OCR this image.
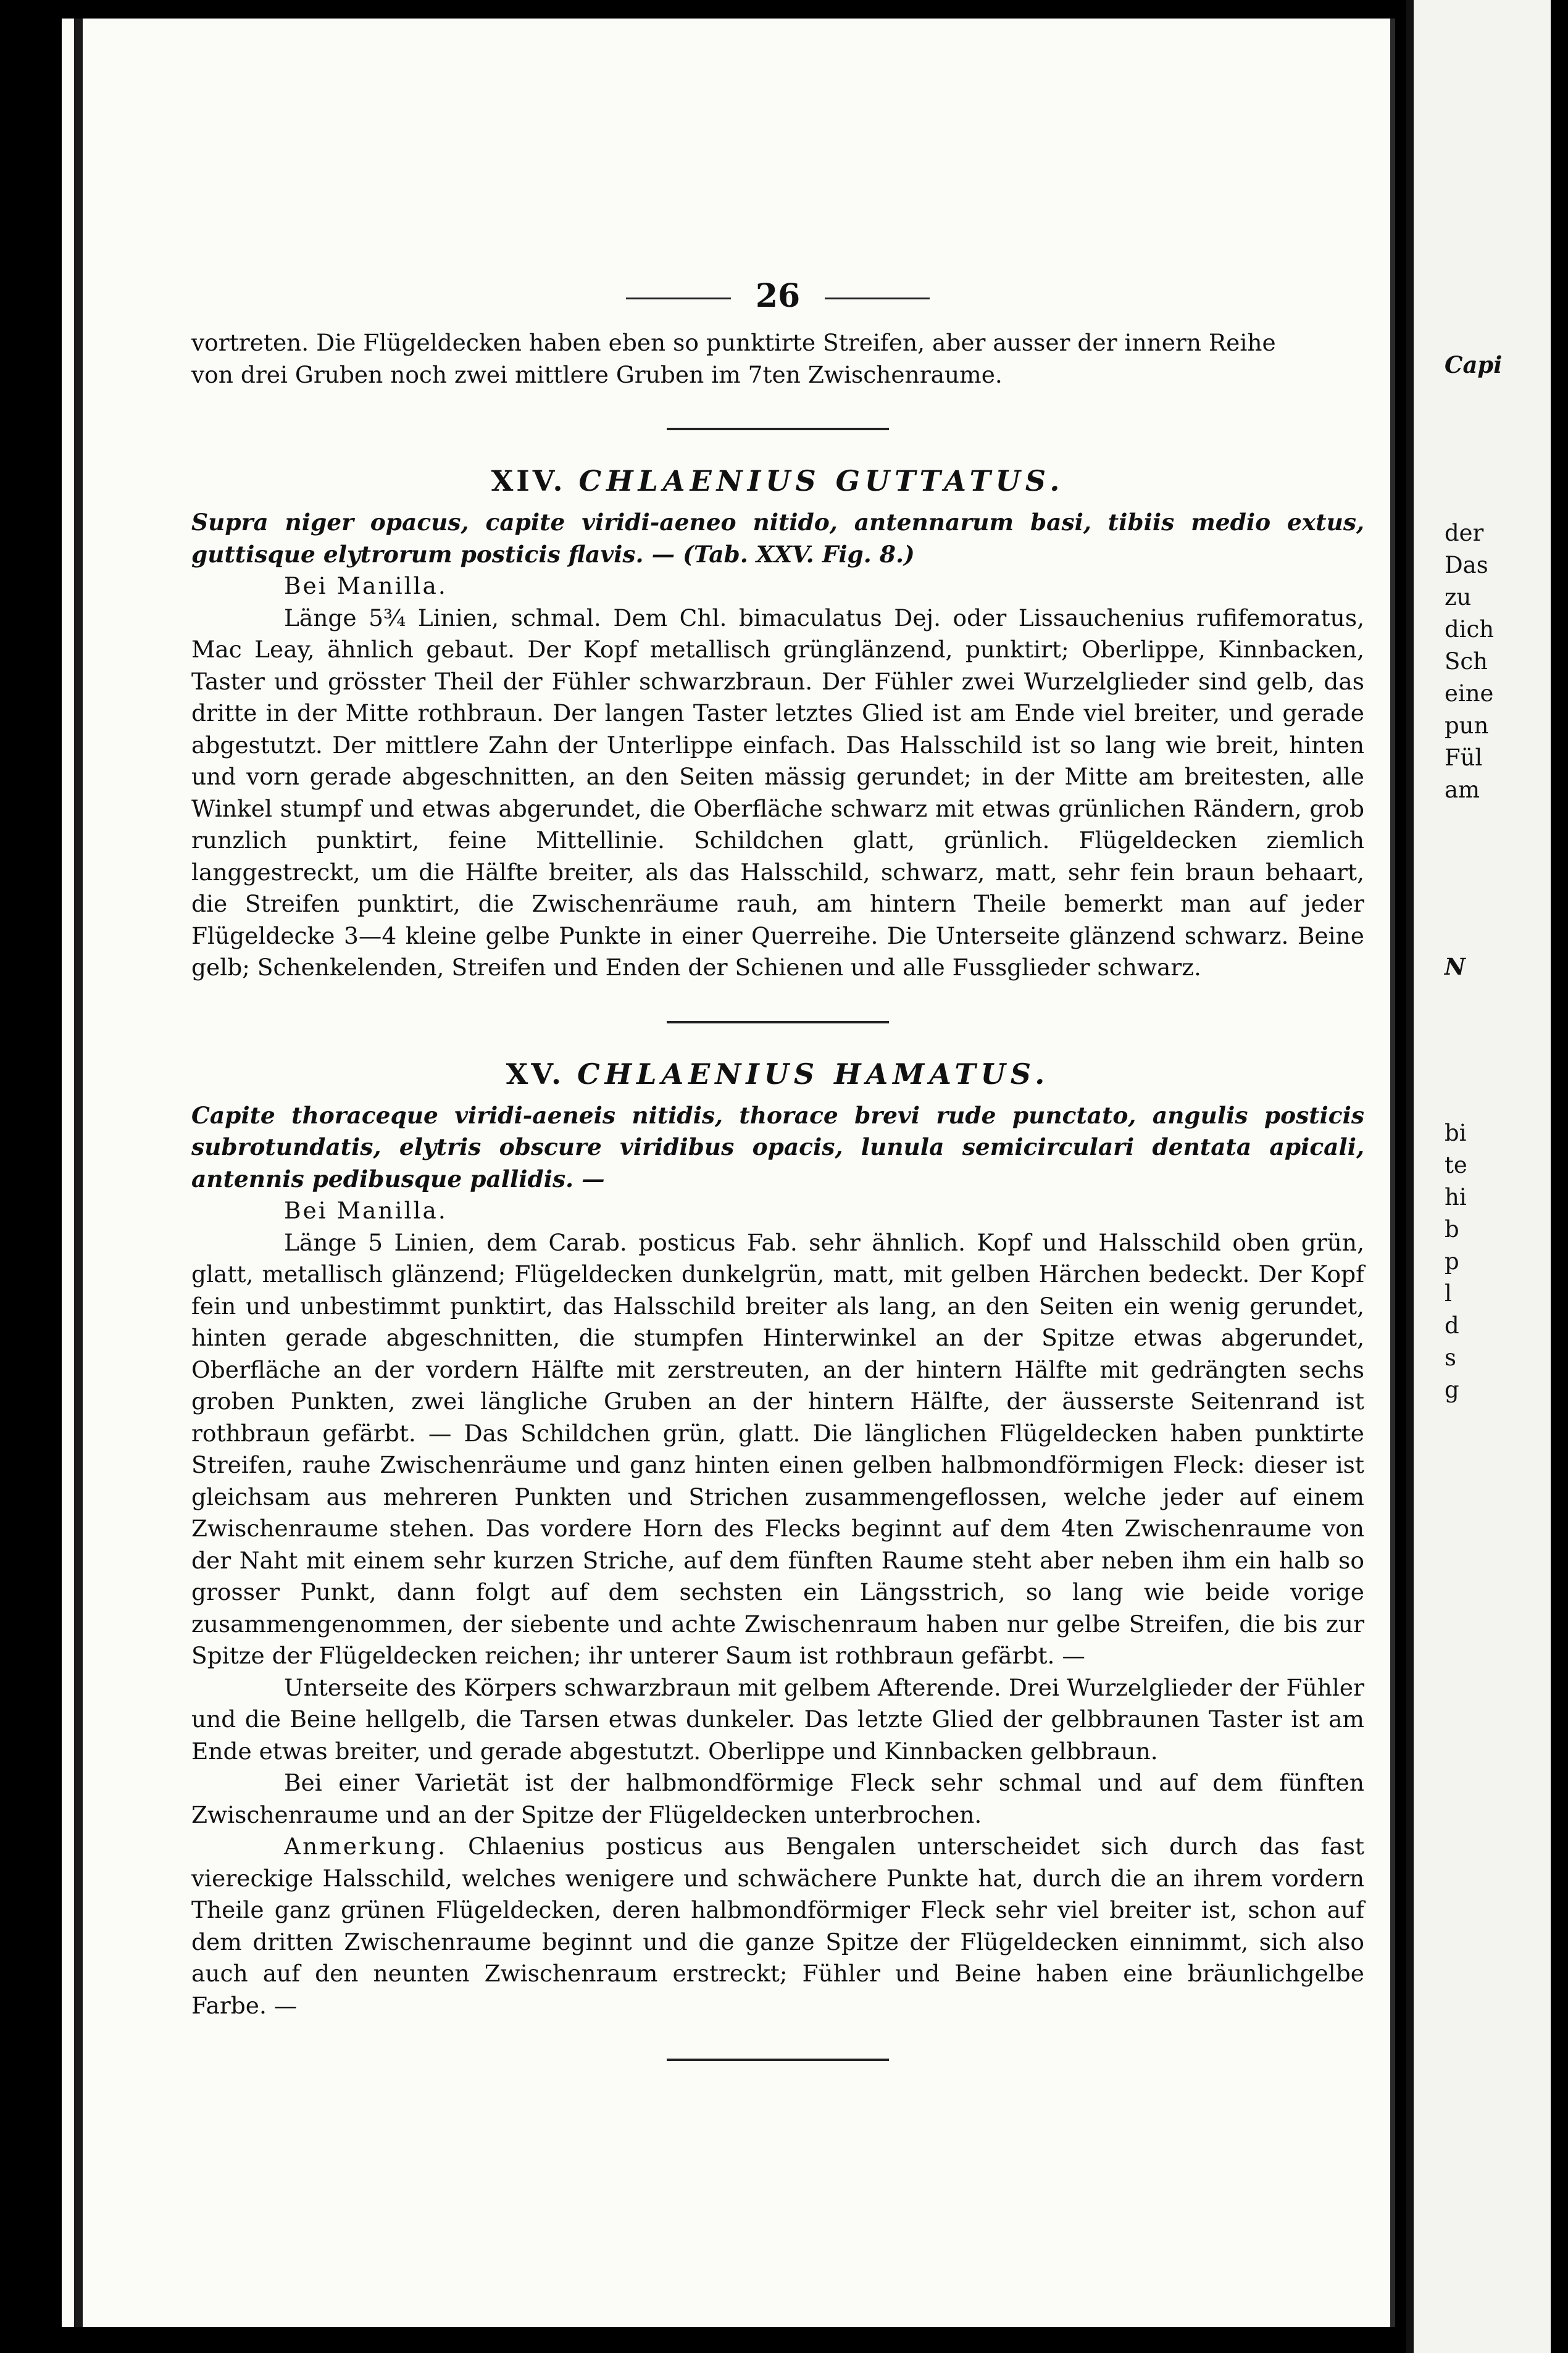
26

vortreten. Die Flügeldecken haben eben so punktirte Streifen, aber ausser der innern Reihe

von drei Gruben noch zwei mittlere Gruben im 7ten Zwischenraume.

XIV. CHLAENIUS GUTTATUS.

Supra niger opacus, capite viridi-aeneo nitido, antennarum basi, tibiis medio extus, guttisque elytrorum posticis flavis. — (Tab. XXV. Fig. 8.)

Bei Manilla.

Länge 5¾ Linien, schmal. Dem Chl. bimaculatus Dej. oder Lissauchenius rufifemoratus, Mac Leay, ähnlich gebaut. Der Kopf metallisch grünglänzend, punktirt; Oberlippe, Kinnbacken, Taster und grösster Theil der Fühler schwarzbraun. Der Fühler zwei Wurzelglieder sind gelb, das dritte in der Mitte rothbraun. Der langen Taster letztes Glied ist am Ende viel breiter, und gerade abgestutzt. Der mittlere Zahn der Unterlippe einfach. Das Halsschild ist so lang wie breit, hinten und vorn gerade abgeschnitten, an den Seiten mässig gerundet; in der Mitte am breitesten, alle Winkel stumpf und etwas abgerundet, die Oberfläche schwarz mit etwas grünlichen Rändern, grob runzlich punktirt, feine Mittellinie. Schildchen glatt, grünlich. Flügeldecken ziemlich langgestreckt, um die Hälfte breiter, als das Halsschild, schwarz, matt, sehr fein braun behaart, die Streifen punktirt, die Zwischenräume rauh, am hintern Theile bemerkt man auf jeder Flügeldecke 3—4 kleine gelbe Punkte in einer Querreihe. Die Unterseite glänzend schwarz. Beine gelb; Schenkelenden, Streifen und Enden der Schienen und alle Fussglieder schwarz.

XV. CHLAENIUS HAMATUS.

Capite thoraceque viridi-aeneis nitidis, thorace brevi rude punctato, angulis posticis subrotundatis, elytris obscure viridibus opacis, lunula semicirculari dentata apicali, antennis pedibusque pallidis. —

Bei Manilla.

Länge 5 Linien, dem Carab. posticus Fab. sehr ähnlich. Kopf und Halsschild oben grün, glatt, metallisch glänzend; Flügeldecken dunkelgrün, matt, mit gelben Härchen bedeckt. Der Kopf fein und unbestimmt punktirt, das Halsschild breiter als lang, an den Seiten ein wenig gerundet, hinten gerade abgeschnitten, die stumpfen Hinterwinkel an der Spitze etwas abgerundet, Oberfläche an der vordern Hälfte mit zerstreuten, an der hintern Hälfte mit gedrängten sechs groben Punkten, zwei längliche Gruben an der hintern Hälfte, der äusserste Seitenrand ist rothbraun gefärbt. — Das Schildchen grün, glatt. Die länglichen Flügeldecken haben punktirte Streifen, rauhe Zwischenräume und ganz hinten einen gelben halbmondförmigen Fleck: dieser ist gleichsam aus mehreren Punkten und Strichen zusammengeflossen, welche jeder auf einem Zwischenraume stehen. Das vordere Horn des Flecks beginnt auf dem 4ten Zwischenraume von der Naht mit einem sehr kurzen Striche, auf dem fünften Raume steht aber neben ihm ein halb so grosser Punkt, dann folgt auf dem sechsten ein Längsstrich, so lang wie beide vorige zusammengenommen, der siebente und achte Zwischenraum haben nur gelbe Streifen, die bis zur Spitze der Flügeldecken reichen; ihr unterer Saum ist rothbraun gefärbt. —

Unterseite des Körpers schwarzbraun mit gelbem Afterende. Drei Wurzelglieder der Fühler und die Beine hellgelb, die Tarsen etwas dunkeler. Das letzte Glied der gelbbraunen Taster ist am Ende etwas breiter, und gerade abgestutzt. Oberlippe und Kinnbacken gelbbraun.

Bei einer Varietät ist der halbmondförmige Fleck sehr schmal und auf dem fünften Zwischenraume und an der Spitze der Flügeldecken unterbrochen.

Anmerkung. Chlaenius posticus aus Bengalen unterscheidet sich durch das fast viereckige Halsschild, welches wenigere und schwächere Punkte hat, durch die an ihrem vordern Theile ganz grünen Flügeldecken, deren halbmondförmiger Fleck sehr viel breiter ist, schon auf dem dritten Zwischenraume beginnt und die ganze Spitze der Flügeldecken einnimmt, sich also auch auf den neunten Zwischenraum erstreckt; Fühler und Beine haben eine bräunlichgelbe Farbe. —

Capi
der
Das
zu
dich
Sch
eine
pun
Fül
am
N
bi
te
hi
b
p
l
d
s
g
